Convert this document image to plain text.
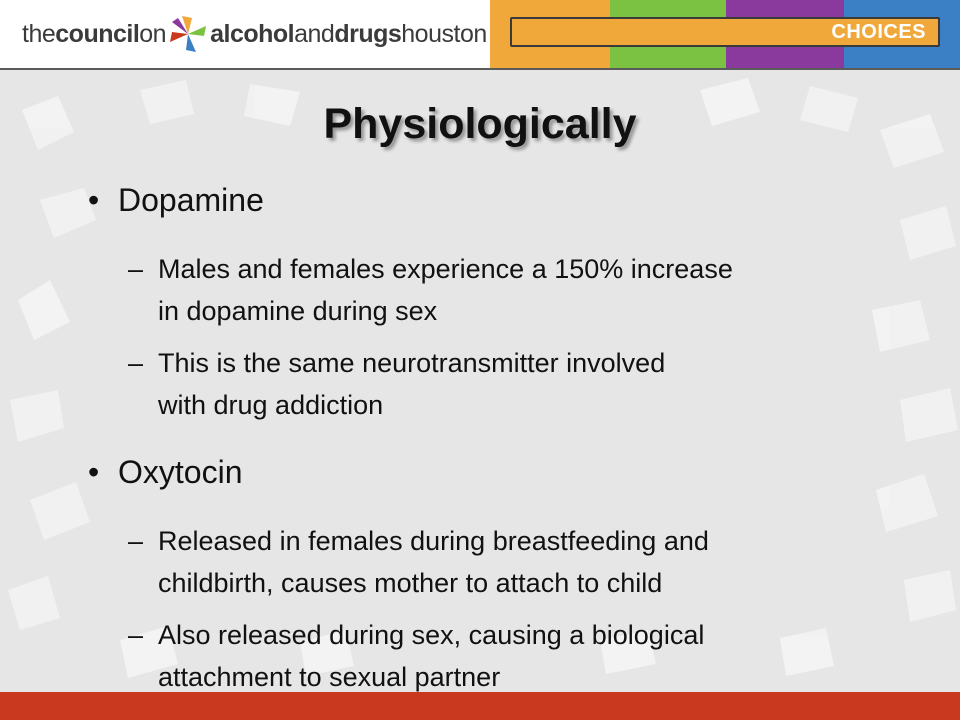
the council on alcohol and drugs houston	CHOICES
Physiologically
• Dopamine
– Males and females experience a 150% increase
in dopamine during sex
– This is the same neurotransmitter involved
with drug addiction
• Oxytocin
– Released in females during breastfeeding and
childbirth, causes mother to attach to child
– Also released during sex, causing a biological
attachment to sexual partner
